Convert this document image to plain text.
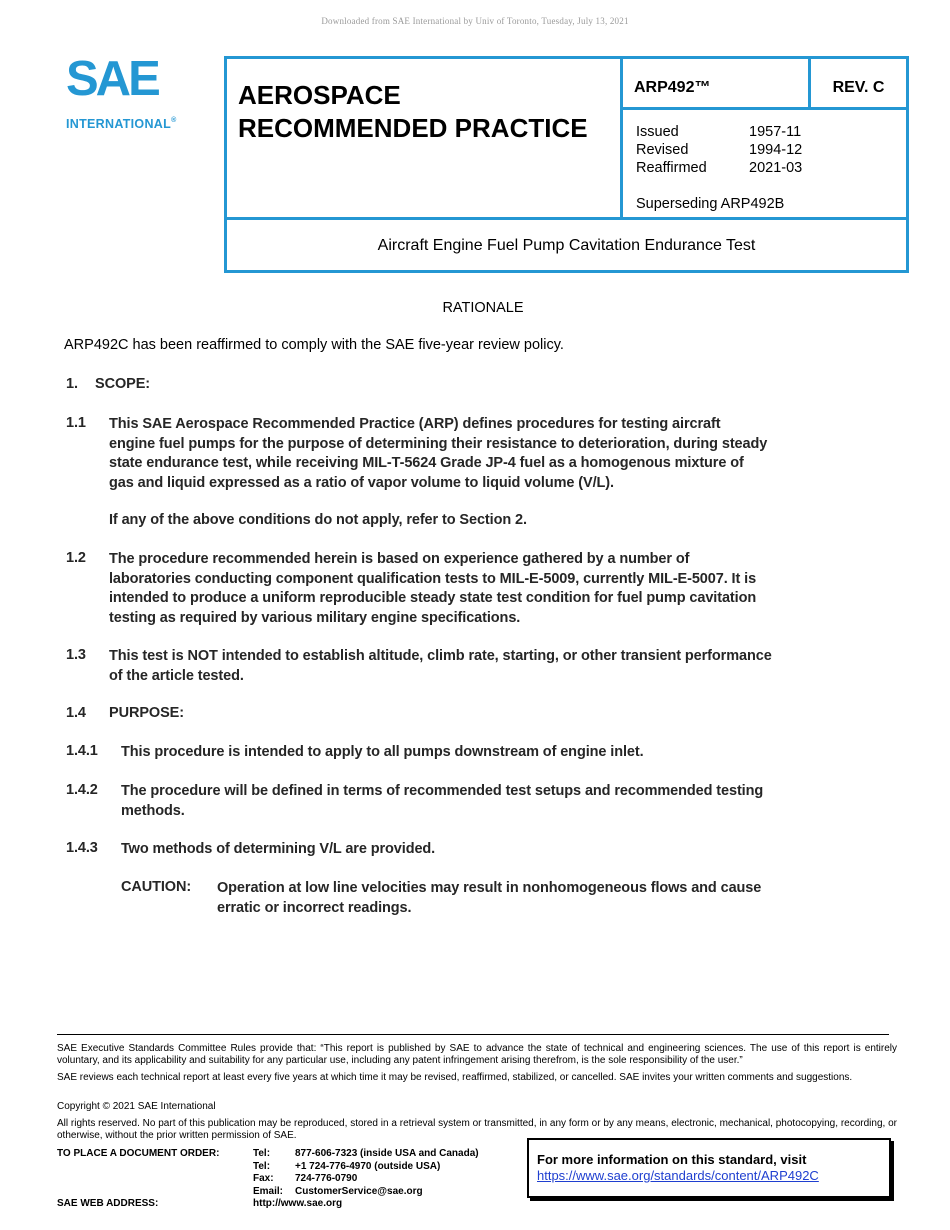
Downloaded from SAE International by Univ of Toronto, Tuesday, July 13, 2021
SAE
INTERNATIONAL®
AEROSPACE
RECOMMENDED PRACTICE
ARP492™	REV. C
Issued	1957-11
Revised	1994-12
Reaffirmed	2021-03
Superseding ARP492B
Aircraft Engine Fuel Pump Cavitation Endurance Test
RATIONALE
ARP492C has been reaffirmed to comply with the SAE five-year review policy.
1. SCOPE:
1.1 This SAE Aerospace Recommended Practice (ARP) defines procedures for testing aircraft
engine fuel pumps for the purpose of determining their resistance to deterioration, during steady
state endurance test, while receiving MIL-T-5624 Grade JP-4 fuel as a homogenous mixture of
gas and liquid expressed as a ratio of vapor volume to liquid volume (V/L).
If any of the above conditions do not apply, refer to Section 2.
1.2 The procedure recommended herein is based on experience gathered by a number of
laboratories conducting component qualification tests to MIL-E-5009, currently MIL-E-5007. It is
intended to produce a uniform reproducible steady state test condition for fuel pump cavitation
testing as required by various military engine specifications.
1.3 This test is NOT intended to establish altitude, climb rate, starting, or other transient performance
of the article tested.
1.4 PURPOSE:
1.4.1 This procedure is intended to apply to all pumps downstream of engine inlet.
1.4.2 The procedure will be defined in terms of recommended test setups and recommended testing
methods.
1.4.3 Two methods of determining V/L are provided.
CAUTION: Operation at low line velocities may result in nonhomogeneous flows and cause
erratic or incorrect readings.
SAE Executive Standards Committee Rules provide that: “This report is published by SAE to advance the state of technical and engineering sciences. The use of this report is entirely voluntary, and its applicability and suitability for any particular use, including any patent infringement arising therefrom, is the sole responsibility of the user.”
SAE reviews each technical report at least every five years at which time it may be revised, reaffirmed, stabilized, or cancelled. SAE invites your written comments and suggestions.
Copyright © 2021 SAE International
All rights reserved. No part of this publication may be reproduced, stored in a retrieval system or transmitted, in any form or by any means, electronic, mechanical, photocopying, recording, or otherwise, without the prior written permission of SAE.
TO PLACE A DOCUMENT ORDER:	Tel: 877-606-7323 (inside USA and Canada)
Tel: +1 724-776-4970 (outside USA)
Fax: 724-776-0790
Email: CustomerService@sae.org
SAE WEB ADDRESS:	http://www.sae.org
For more information on this standard, visit
https://www.sae.org/standards/content/ARP492C
